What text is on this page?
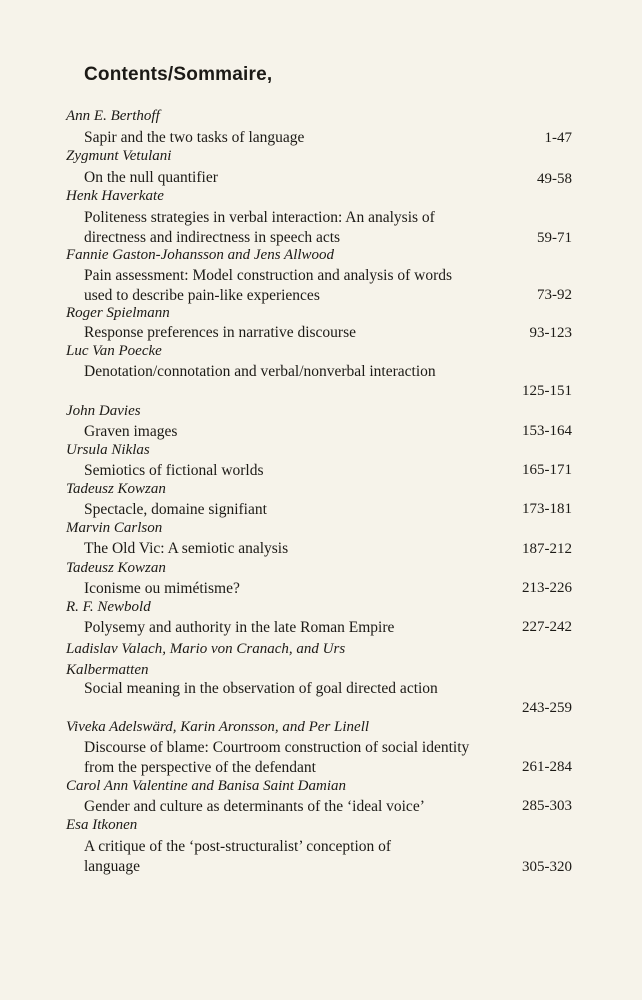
Contents/Sommaire,
Ann E. Berthoff
Sapir and the two tasks of language	1-47
Zygmunt Vetulani
On the null quantifier	49-58
Henk Haverkate
Politeness strategies in verbal interaction: An analysis of directness and indirectness in speech acts	59-71
Fannie Gaston-Johansson and Jens Allwood
Pain assessment: Model construction and analysis of words used to describe pain-like experiences	73-92
Roger Spielmann
Response preferences in narrative discourse	93-123
Luc Van Poecke
Denotation/connotation and verbal/nonverbal interaction
125-151
John Davies
Graven images	153-164
Ursula Niklas
Semiotics of fictional worlds	165-171
Tadeusz Kowzan
Spectacle, domaine signifiant	173-181
Marvin Carlson
The Old Vic: A semiotic analysis	187-212
Tadeusz Kowzan
Iconisme ou mimétisme?	213-226
R. F. Newbold
Polysemy and authority in the late Roman Empire	227-242
Ladislav Valach, Mario von Cranach, and Urs Kalbermatten
Social meaning in the observation of goal directed action
243-259
Viveka Adelswärd, Karin Aronsson, and Per Linell
Discourse of blame: Courtroom construction of social identity from the perspective of the defendant	261-284
Carol Ann Valentine and Banisa Saint Damian
Gender and culture as determinants of the ‘ideal voice’	285-303
Esa Itkonen
A critique of the ‘post-structuralist’ conception of language	305-320
